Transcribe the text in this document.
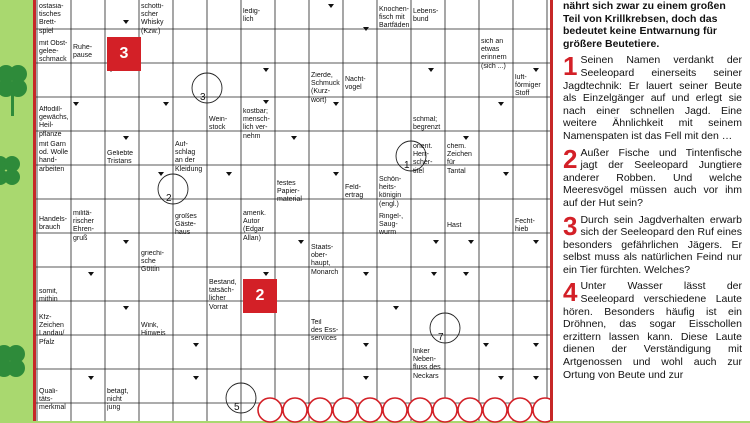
ostasia-
tisches
Brett-
spiel
schotti-
scher
Whisky
(Kzw.)
ledig-
lich
Knochen-
fisch mit
Bartfäden
Lebens-
bund
mit Obst-
gelee-
schmack
Ruhe-
pause
sich an
etwas
erinnern
(sich ...)
Zierde,
Schmuck
(Kurz-
wort)
Nacht-
vogel
luft-
förmiger
Stoff
Affodill-
gewächs,
Heil-
pflanze
Wein-
stock
kostbar;
mensch-
lich ver-
nehm
schmal;
begrenzt
mit Garn
od. Wolle
hand-
arbeiten
Geliebte
Tristans
Auf-
schlag
an der
Kleidung
orient.
Herr-
scher-
titel
chem.
Zeichen
für
Tantal
festes
Papier-
material
Feld-
ertrag
Schön-
heits-
königin
(engl.)
Handels-
brauch
militä-
rischer
Ehren-
gruß
großes
Gäste-
haus
amerik.
Autor
(Edgar
Allan)
Ringel-,
Saug-
wurm
Hast
Fecht-
hieb
griechi-
sche
Göttin
Staats-
ober-
haupt,
Monarch
somit,
mithin
Bestand,
tatsäch-
licher
Vorrat
Kfz-
Zeichen
Landau/
Pfalz
Wink,
Hinweis
Teil
des Ess-
services
linker
Neben-
fluss des
Neckars
Quali-
täts-
merkmal
betagt,
nicht
jung
3
2
3
2
1
7
5

nährt sich zwar zu einem großen Teil von Krillkrebsen, doch das bedeutet keine Entwarnung für größere Beutetiere.

1 Seinen Namen verdankt der Seeleopard einerseits seiner Jagdtechnik: Er lauert seiner Beute als Einzelgänger auf und erlegt sie nach einer schnellen Jagd. Eine weitere Ähnlichkeit mit seinem Namenspaten ist das Fell mit den …
2 Außer Fische und Tintenfische jagt der Seeleopard Jungtiere anderer Robben. Und welche Meeresvögel müssen auch vor ihm auf der Hut sein?
3 Durch sein Jagdverhalten erwarb sich der Seeleopard den Ruf eines besonders gefährlichen Jägers. Er selbst muss als natürlichen Feind nur ein Tier fürchten. Welches?
4 Unter Wasser lässt der Seeleopard verschiedene Laute hören. Besonders häufig ist ein Dröhnen, das sogar Eisschollen erzittern lassen kann. Diese Laute dienen der Verständigung mit Artgenossen und wohl auch zur Ortung von Beute und zur
